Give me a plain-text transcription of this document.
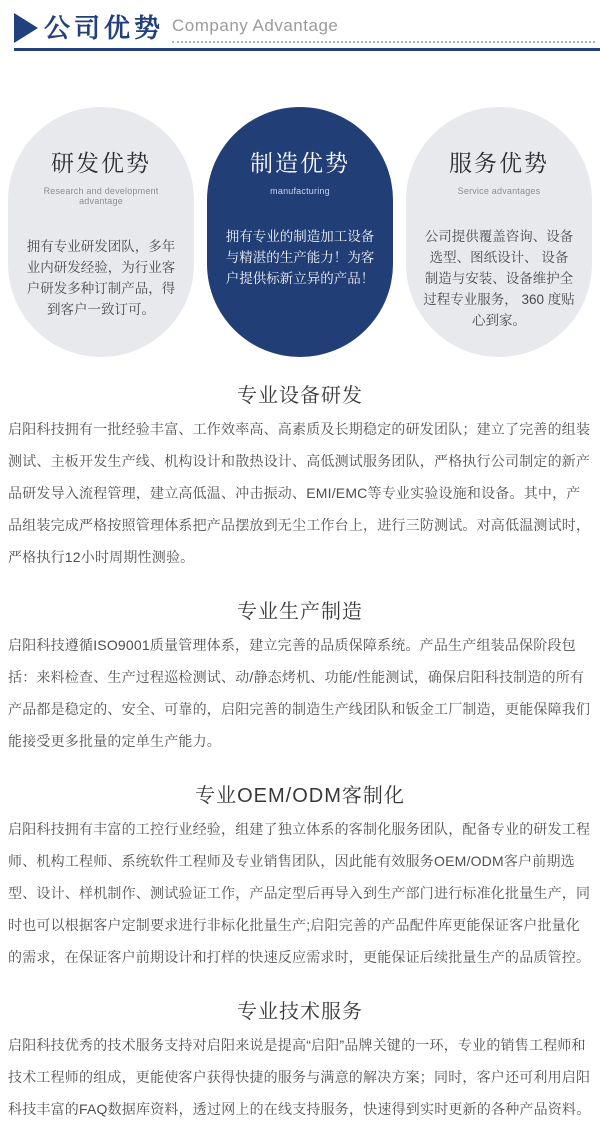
公司优势 Company Advantage
研发优势
Research and development advantage
拥有专业研发团队，多年业内研发经验，为行业客户研发多种订制产品，得到客户一致订可。
制造优势
manufacturing
拥有专业的制造加工设备与精湛的生产能力！为客户提供标新立异的产品！
服务优势
Service advantages
公司提供覆盖咨询、设备选型、图纸设计、 设备制造与安装、设备维护全过程专业服务， 360 度贴心到家。
专业设备研发
启阳科技拥有一批经验丰富、工作效率高、高素质及长期稳定的研发团队；建立了完善的组装测试、主板开发生产线、机构设计和散热设计、高低测试服务团队，严格执行公司制定的新产品研发导入流程管理，建立高低温、冲击振动、EMI/EMC等专业实验设施和设备。其中，产品组装完成严格按照管理体系把产品摆放到无尘工作台上，进行三防测试。对高低温测试时，严格执行12小时周期性测验。
专业生产制造
启阳科技遵循ISO9001质量管理体系，建立完善的品质保障系统。产品生产组装品保阶段包括：来料检查、生产过程巡检测试、动/静态烤机、功能/性能测试，确保启阳科技制造的所有产品都是稳定的、安全、可靠的，启阳完善的制造生产线团队和钣金工厂制造，更能保障我们能接受更多批量的定单生产能力。
专业OEM/ODM客制化
启阳科技拥有丰富的工控行业经验，组建了独立体系的客制化服务团队，配备专业的研发工程师、机构工程师、系统软件工程师及专业销售团队，因此能有效服务OEM/ODM客户前期选型、设计、样机制作、测试验证工作，产品定型后再导入到生产部门进行标准化批量生产，同时也可以根据客户定制要求进行非标化批量生产;启阳完善的产品配件库更能保证客户批量化的需求，在保证客户前期设计和打样的快速反应需求时，更能保证后续批量生产的品质管控。
专业技术服务
启阳科技优秀的技术服务支持对启阳来说是提高“启阳”品牌关键的一环，专业的销售工程师和技术工程师的组成，更能使客户获得快捷的服务与满意的解决方案；同时，客户还可利用启阳科技丰富的FAQ数据库资料，透过网上的在线支持服务，快速得到实时更新的各种产品资料。
